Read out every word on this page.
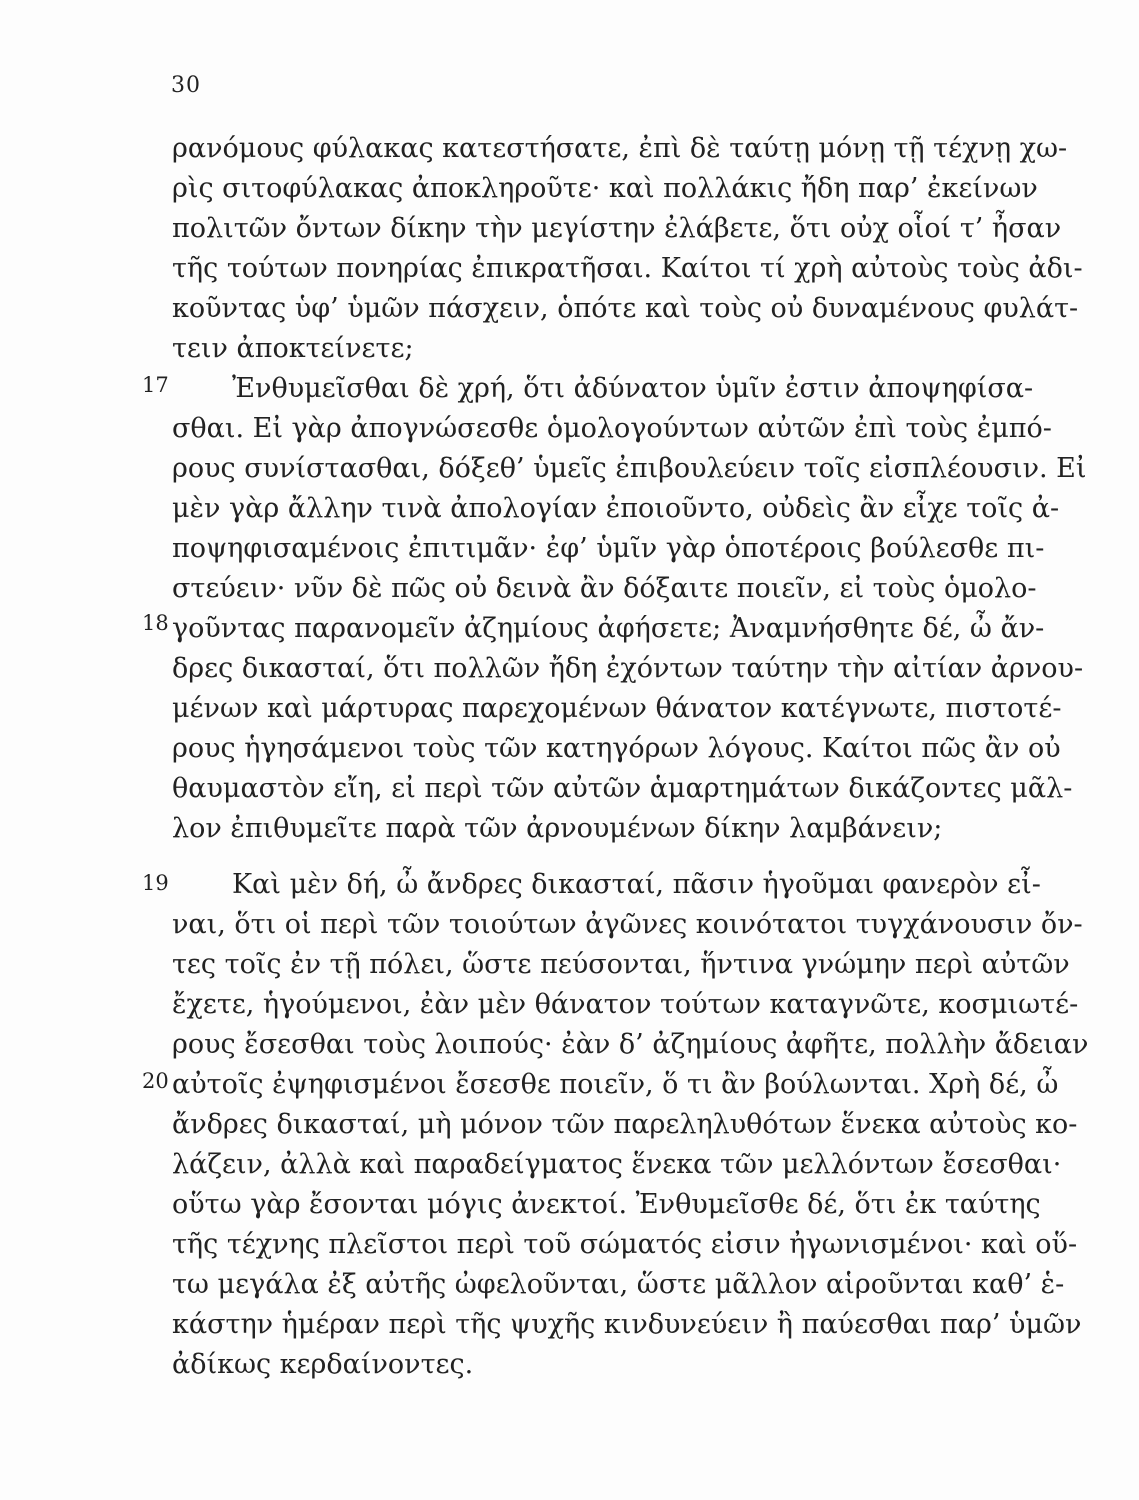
30
17
18
19
20
ρανόμους φύλακας κατεστήσατε, ἐπὶ δὲ ταύτῃ μόνῃ τῇ τέχνῃ χω-
ρὶς σιτοφύλακας ἀποκληροῦτε· καὶ πολλάκις ἤδη παρ’ ἐκείνων
πολιτῶν ὄντων δίκην τὴν μεγίστην ἐλάβετε, ὅτι οὐχ οἷοί τ’ ἦσαν
τῆς τούτων πονηρίας ἐπικρατῆσαι. Καίτοι τί χρὴ αὐτοὺς τοὺς ἀδι-
κοῦντας ὑφ’ ὑμῶν πάσχειν, ὁπότε καὶ τοὺς οὐ δυναμένους φυλάτ-
τειν ἀποκτείνετε;
Ἐνθυμεῖσθαι δὲ χρή, ὅτι ἀδύνατον ὑμῖν ἐστιν ἀποψηφίσα-
σθαι. Εἰ γὰρ ἀπογνώσεσθε ὁμολογούντων αὐτῶν ἐπὶ τοὺς ἐμπό-
ρους συνίστασθαι, δόξεθ’ ὑμεῖς ἐπιβουλεύειν τοῖς εἰσπλέουσιν. Εἰ
μὲν γὰρ ἄλλην τινὰ ἀπολογίαν ἐποιοῦντο, οὐδεὶς ἂν εἶχε τοῖς ἀ-
ποψηφισαμένοις ἐπιτιμᾶν· ἐφ’ ὑμῖν γὰρ ὁποτέροις βούλεσθε πι-
στεύειν· νῦν δὲ πῶς οὐ δεινὰ ἂν δόξαιτε ποιεῖν, εἰ τοὺς ὁμολο-
γοῦντας παρανομεῖν ἀζημίους ἀφήσετε; Ἀναμνήσθητε δέ, ὦ ἄν-
δρες δικασταί, ὅτι πολλῶν ἤδη ἐχόντων ταύτην τὴν αἰτίαν ἀρνου-
μένων καὶ μάρτυρας παρεχομένων θάνατον κατέγνωτε, πιστοτέ-
ρους ἡγησάμενοι τοὺς τῶν κατηγόρων λόγους. Καίτοι πῶς ἂν οὐ
θαυμαστὸν εἴη, εἰ περὶ τῶν αὐτῶν ἁμαρτημάτων δικάζοντες μᾶλ-
λον ἐπιθυμεῖτε παρὰ τῶν ἀρνουμένων δίκην λαμβάνειν;
Καὶ μὲν δή, ὦ ἄνδρες δικασταί, πᾶσιν ἡγοῦμαι φανερὸν εἶ-
ναι, ὅτι οἱ περὶ τῶν τοιούτων ἀγῶνες κοινότατοι τυγχάνουσιν ὄν-
τες τοῖς ἐν τῇ πόλει, ὥστε πεύσονται, ἥντινα γνώμην περὶ αὐτῶν
ἔχετε, ἡγούμενοι, ἐὰν μὲν θάνατον τούτων καταγνῶτε, κοσμιωτέ-
ρους ἔσεσθαι τοὺς λοιπούς· ἐὰν δ’ ἀζημίους ἀφῆτε, πολλὴν ἄδειαν
αὐτοῖς ἐψηφισμένοι ἔσεσθε ποιεῖν, ὅ τι ἂν βούλωνται. Χρὴ δέ, ὦ
ἄνδρες δικασταί, μὴ μόνον τῶν παρεληλυθότων ἕνεκα αὐτοὺς κο-
λάζειν, ἀλλὰ καὶ παραδείγματος ἕνεκα τῶν μελλόντων ἔσεσθαι·
οὕτω γὰρ ἔσονται μόγις ἀνεκτοί. Ἐνθυμεῖσθε δέ, ὅτι ἐκ ταύτης
τῆς τέχνης πλεῖστοι περὶ τοῦ σώματός εἰσιν ἠγωνισμένοι· καὶ οὕ-
τω μεγάλα ἐξ αὐτῆς ὠφελοῦνται, ὥστε μᾶλλον αἱροῦνται καθ’ ἑ-
κάστην ἡμέραν περὶ τῆς ψυχῆς κινδυνεύειν ἢ παύεσθαι παρ’ ὑμῶν
ἀδίκως κερδαίνοντες.
